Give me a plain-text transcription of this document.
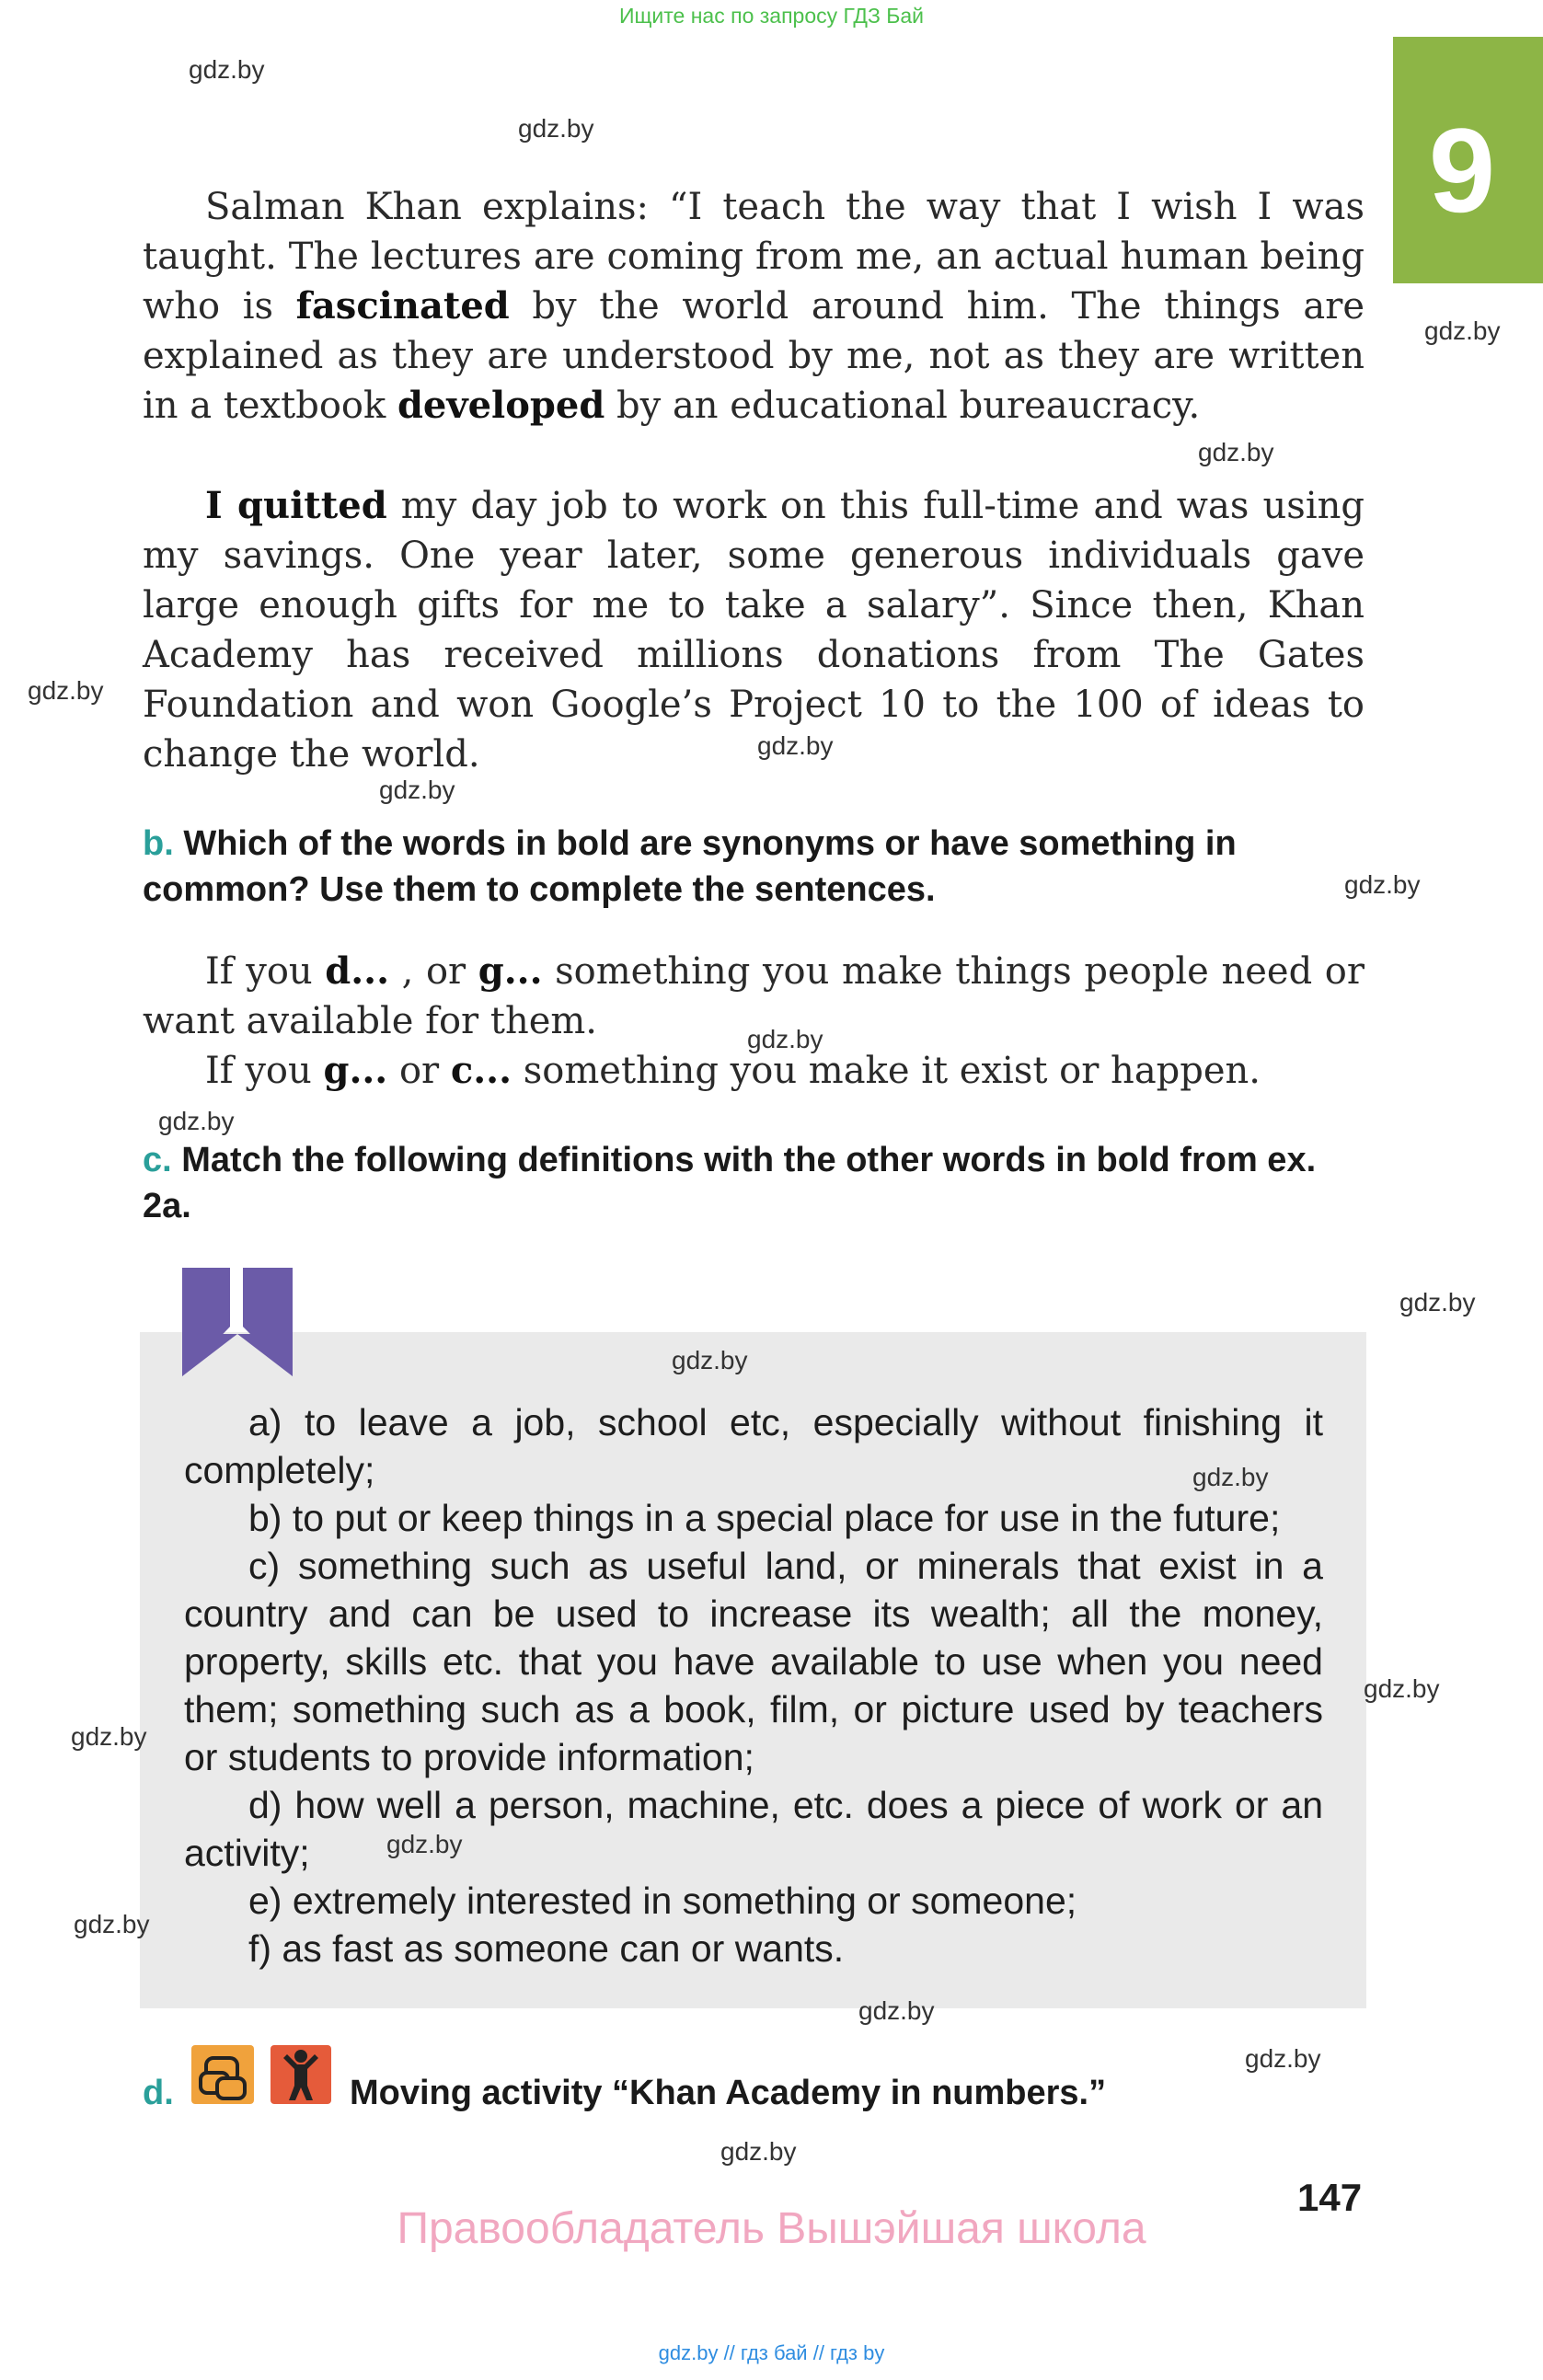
Ищите нас по запросу ГДЗ Бай
9
gdz.by
gdz.by
gdz.by
gdz.by
gdz.by
gdz.by
gdz.by
gdz.by
gdz.by
gdz.by
gdz.by
Salman Khan explains: “I teach the way that I wish I was taught. The lectures are coming from me, an actual human being who is fascinated by the world around him. The things are explained as they are understood by me, not as they are written in a textbook developed by an educational bureaucracy.
I quitted my day job to work on this full-time and was using my savings. One year later, some generous individuals gave large enough gifts for me to take a salary”. Since then, Khan Academy has received millions donations from The Gates Foundation and won Google’s Project 10 to the 100 of ideas to change the world.
b. Which of the words in bold are synonyms or have something in common? Use them to complete the sentences.
If you d... , or g... something you make things people need or want available for them.
If you g... or c... something you make it exist or happen.
c. Match the following definitions with the other words in bold from ex. 2a.
gdz.by

a) to leave a job, school etc, especially without finishing it completely;

b) to put or keep things in a special place for use in the future;

c) something such as useful land, or minerals that exist in a country and can be used to increase its wealth; all the money, property, skills etc. that you have available to use when you need them; something such as a book, film, or picture used by teachers or students to provide information;

d) how well a person, machine, etc. does a piece of work or an activity;

e) extremely interested in something or someone;

f) as fast as someone can or wants.

gdz.by
gdz.by
gdz.by
gdz.by
gdz.by
gdz.by
gdz.by
gdz.by
d.	Moving activity “Khan Academy in numbers.”
147
Правообладатель Вышэйшая школа
gdz.by // гдз бай // гдз by
